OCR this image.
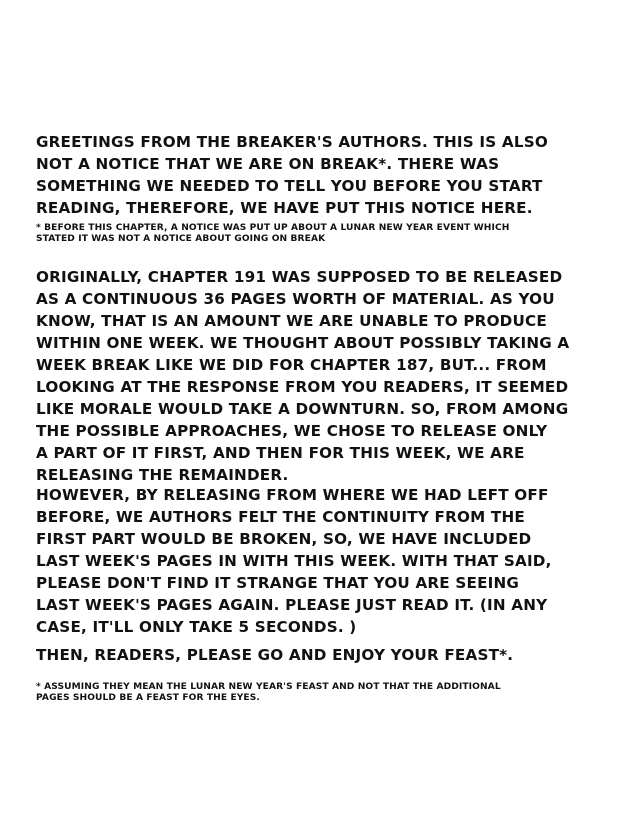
GREETINGS FROM THE BREAKER'S AUTHORS. THIS IS ALSO
NOT A NOTICE THAT WE ARE ON BREAK*. THERE WAS
SOMETHING WE NEEDED TO TELL YOU BEFORE YOU START
READING, THEREFORE, WE HAVE PUT THIS NOTICE HERE.
* BEFORE THIS CHAPTER, A NOTICE WAS PUT UP ABOUT A LUNAR NEW YEAR EVENT WHICH
STATED IT WAS NOT A NOTICE ABOUT GOING ON BREAK
ORIGINALLY, CHAPTER 191 WAS SUPPOSED TO BE RELEASED
AS A CONTINUOUS 36 PAGES WORTH OF MATERIAL. AS YOU
KNOW, THAT IS AN AMOUNT WE ARE UNABLE TO PRODUCE
WITHIN ONE WEEK. WE THOUGHT ABOUT POSSIBLY TAKING A
WEEK BREAK LIKE WE DID FOR CHAPTER 187, BUT... FROM
LOOKING AT THE RESPONSE FROM YOU READERS, IT SEEMED
LIKE MORALE WOULD TAKE A DOWNTURN. SO, FROM AMONG
THE POSSIBLE APPROACHES, WE CHOSE TO RELEASE ONLY
A PART OF IT FIRST, AND THEN FOR THIS WEEK, WE ARE
RELEASING THE REMAINDER.
HOWEVER, BY RELEASING FROM WHERE WE HAD LEFT OFF
BEFORE, WE AUTHORS FELT THE CONTINUITY FROM THE
FIRST PART WOULD BE BROKEN, SO, WE HAVE INCLUDED
LAST WEEK'S PAGES IN WITH THIS WEEK. WITH THAT SAID,
PLEASE DON'T FIND IT STRANGE THAT YOU ARE SEEING
LAST WEEK'S PAGES AGAIN. PLEASE JUST READ IT. (IN ANY
CASE, IT'LL ONLY TAKE 5 SECONDS. )
THEN, READERS, PLEASE GO AND ENJOY YOUR FEAST*.
* ASSUMING THEY MEAN THE LUNAR NEW YEAR'S FEAST AND NOT THAT THE ADDITIONAL
PAGES SHOULD BE A FEAST FOR THE EYES.
